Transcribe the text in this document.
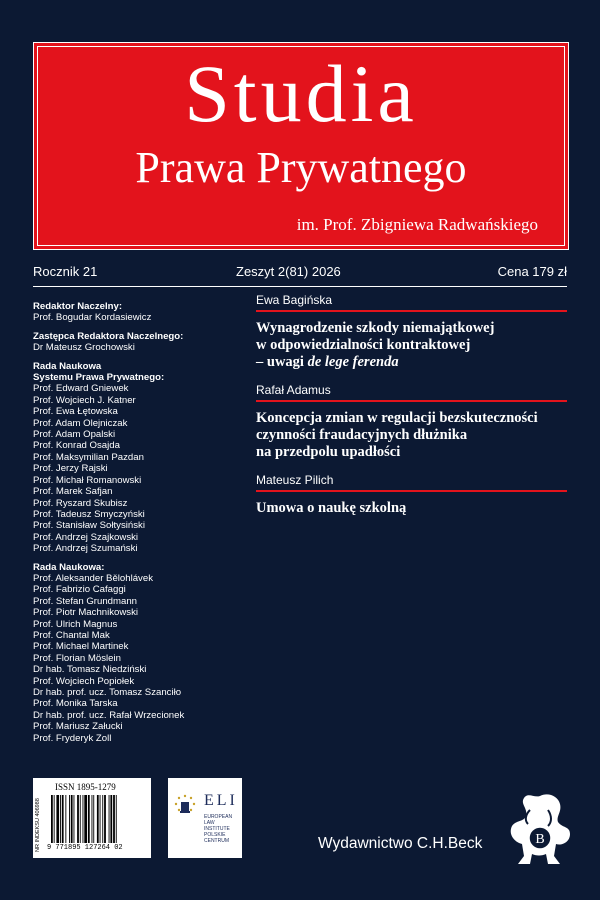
Studia
Prawa Prywatnego
im. Prof. Zbigniewa Radwańskiego
Rocznik 21	Zeszyt 2(81) 2026	Cena 179 zł
Redaktor Naczelny:
Prof. Bogudar Kordasiewicz
Zastępca Redaktora Naczelnego:
Dr Mateusz Grochowski
Rada Naukowa
Systemu Prawa Prywatnego:
Prof. Edward Gniewek
Prof. Wojciech J. Katner
Prof. Ewa Łętowska
Prof. Adam Olejniczak
Prof. Adam Opalski
Prof. Konrad Osajda
Prof. Maksymilian Pazdan
Prof. Jerzy Rajski
Prof. Michał Romanowski
Prof. Marek Safjan
Prof. Ryszard Skubisz
Prof. Tadeusz Smyczyński
Prof. Stanisław Sołtysiński
Prof. Andrzej Szajkowski
Prof. Andrzej Szumański
Rada Naukowa:
Prof. Aleksander Bělohlávek
Prof. Fabrizio Cafaggi
Prof. Stefan Grundmann
Prof. Piotr Machnikowski
Prof. Ulrich Magnus
Prof. Chantal Mak
Prof. Michael Martinek
Prof. Florian Möslein
Dr hab. Tomasz Niedziński
Prof. Wojciech Popiołek
Dr hab. prof. ucz. Tomasz Szanciło
Prof. Monika Tarska
Dr hab. prof. ucz. Rafał Wrzecionek
Prof. Mariusz Załucki
Prof. Fryderyk Zoll
Ewa Bagińska
Wynagrodzenie szkody niemajątkowej
w odpowiedzialności kontraktowej
– uwagi de lege ferenda
Rafał Adamus
Koncepcja zmian w regulacji bezskuteczności
czynności fraudacyjnych dłużnika
na przedpolu upadłości
Mateusz Pilich
Umowa o naukę szkolną
ISSN 1895-1279
NR INDEKSU 406988 9 771895 127264 02
ELI
EUROPEAN
LAW
INSTITUTE
POLSKIE
CENTRUM	Wydawnictwo C.H.Beck	B
